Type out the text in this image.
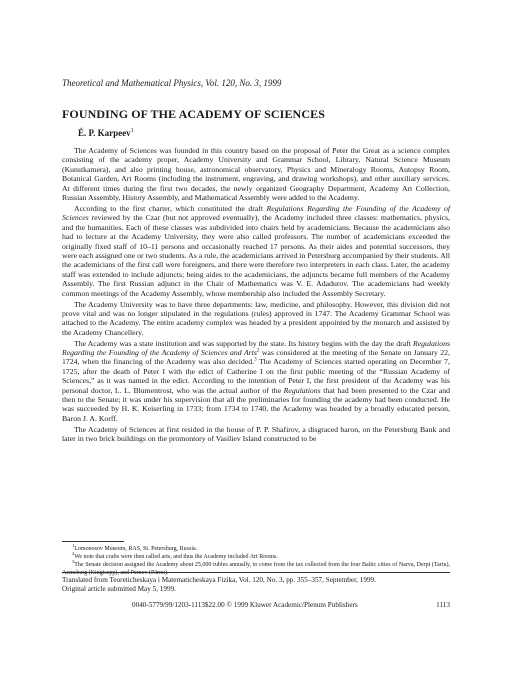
Theoretical and Mathematical Physics, Vol. 120, No. 3, 1999
FOUNDING OF THE ACADEMY OF SCIENCES
É. P. Karpeev$^1$

The Academy of Sciences was founded in this country based on the proposal of Peter the Great as a science complex consisting of the academy proper, Academy University and Grammar School, Library, Natural Science Museum (Kunstkamera), and also printing house, astronomical observatory, Physics and Mineralogy Rooms, Autopsy Room, Botanical Garden, Art Rooms (including the instrument, engraving, and drawing workshops), and other auxiliary services. At different times during the first two decades, the newly organized Geography Department, Academy Art Collection, Russian Assembly, History Assembly, and Mathematical Assembly were added to the Academy.

According to the first charter, which constituted the draft Regulations Regarding the Founding of the Academy of Sciences reviewed by the Czar (but not approved eventually), the Academy included three classes: mathematics, physics, and the humanities. Each of these classes was subdivided into chairs held by academicians. Because the academicians also had to lecture at the Academy University, they were also called professors. The number of academicians exceeded the originally fixed staff of 10–11 persons and occasionally reached 17 persons. As their aides and potential successors, they were each assigned one or two students. As a rule, the academicians arrived in Petersburg accompanied by their students. All the academicians of the first call were foreigners, and there were therefore two interpreters in each class. Later, the academy staff was extended to include adjuncts; being aides to the academicians, the adjuncts became full members of the Academy Assembly. The first Russian adjunct in the Chair of Mathematics was V. E. Adadurov. The academicians had weekly common meetings of the Academy Assembly, whose membership also included the Assembly Secretary.

The Academy University was to have three departments: law, medicine, and philosophy. However, this division did not prove vital and was no longer stipulated in the regulations (rules) approved in 1747. The Academy Grammar School was attached to the Academy. The entire academy complex was headed by a president appointed by the monarch and assisted by the Academy Chancellery.

The Academy was a state institution and was supported by the state. Its history begins with the day the draft Regulations Regarding the Founding of the Academy of Sciences and Arts$^2$ was considered at the meeting of the Senate on January 22, 1724, when the financing of the Academy was also decided.$^3$ The Academy of Sciences started operating on December 7, 1725, after the death of Peter I with the edict of Catherine I on the first public meeting of the “Russian Academy of Sciences,” as it was named in the edict. According to the intention of Peter I, the first president of the Academy was his personal doctor, L. L. Blumentrost, who was the actual author of the Regulations that had been presented to the Czar and then to the Senate; it was under his supervision that all the preliminaries for founding the academy had been conducted. He was succeeded by H. K. Keiserling in 1733; from 1734 to 1740, the Academy was headed by a broadly educated person, Baron J. A. Korff.

The Academy of Sciences at first resided in the house of P. P. Shafirov, a disgraced baron, on the Petersburg Bank and later in two brick buildings on the promontory of Vasiliev Island constructed to be

$^1$Lomonosov Museum, RAS, St. Petersburg, Russia.
$^2$We note that crafts were then called arts, and thus the Academy included Art Rooms.
$^3$The Senate decision assigned the Academy about 25,000 rubles annually, to come from the tax collected from the four Baltic cities of Narva, Derpt (Tartu), Arensburg (Kingisepp), and Pernov (Pärnu).
Translated from Teoreticheskaya i Matematicheskaya Fizika, Vol. 120, No. 3, pp. 355–357, September, 1999.
Original article submitted May 5, 1999.
0040-5779/99/1203-1113$22.00 © 1999 Kluwer Academic/Plenum Publishers	1113
